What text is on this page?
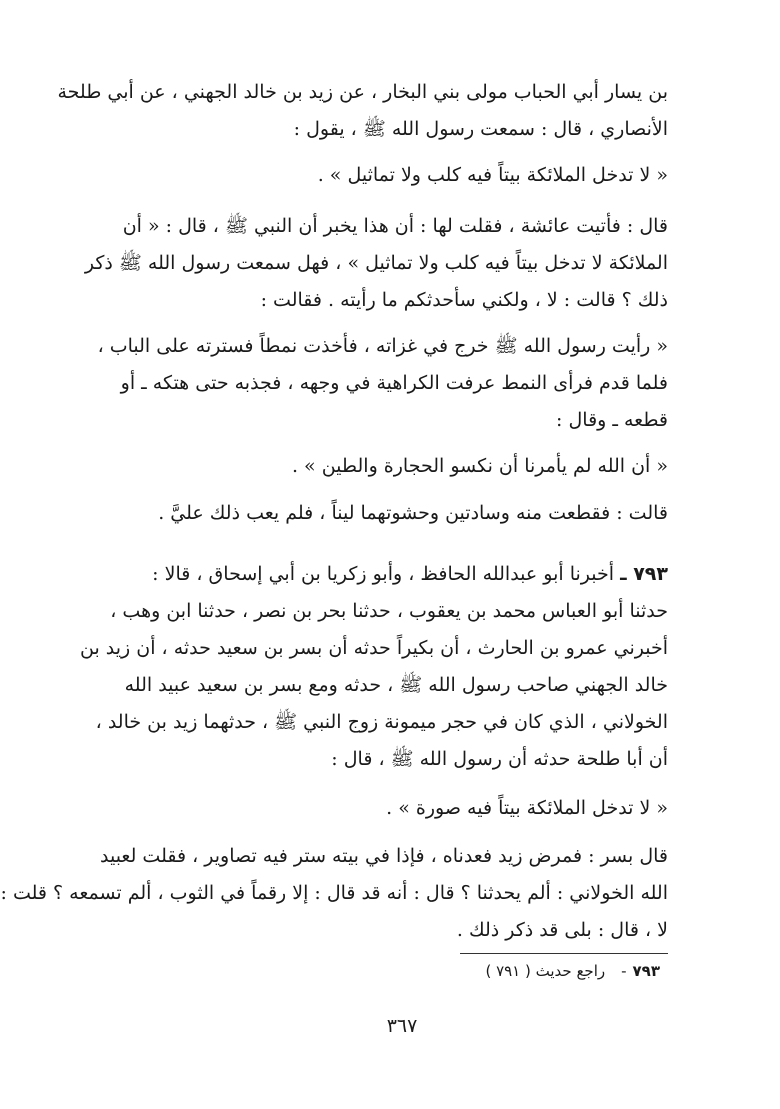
بن يسار أبي الحباب مولى بني البخار ، عن زيد بن خالد الجهني ، عن أبي طلحة

الأنصاري ، قال : سمعت رسول الله ﷺ ، يقول :

« لا تدخل الملائكة بيتاً فيه كلب ولا تماثيل » .

قال : فأتيت عائشة ، فقلت لها : أن هذا يخبر أن النبي ﷺ ، قال : « أن

الملائكة لا تدخل بيتاً فيه كلب ولا تماثيل » ، فهل سمعت رسول الله ﷺ ذكر

ذلك ؟ قالت : لا ، ولكني سأحدثكم ما رأيته . فقالت :

« رأيت رسول الله ﷺ خرج في غزاته ، فأخذت نمطاً فسترته على الباب ،

فلما قدم فرأى النمط عرفت الكراهية في وجهه ، فجذبه حتى هتكه ـ أو

قطعه ـ وقال :

« أن الله لم يأمرنا أن نكسو الحجارة والطين » .

قالت : فقطعت منه وسادتين وحشوتهما ليناً ، فلم يعب ذلك عليَّ .

٧٩٣ ـ أخبرنا أبو عبدالله الحافظ ، وأبو زكريا بن أبي إسحاق ، قالا :

حدثنا أبو العباس محمد بن يعقوب ، حدثنا بحر بن نصر ، حدثنا ابن وهب ،

أخبرني عمرو بن الحارث ، أن بكيراً حدثه أن بسر بن سعيد حدثه ، أن زيد بن

خالد الجهني صاحب رسول الله ﷺ ، حدثه ومع بسر بن سعيد عبيد الله

الخولاني ، الذي كان في حجر ميمونة زوج النبي ﷺ ، حدثهما زيد بن خالد ،

أن أبا طلحة حدثه أن رسول الله ﷺ ، قال :

« لا تدخل الملائكة بيتاً فيه صورة » .

قال بسر : فمرض زيد فعدناه ، فإذا في بيته ستر فيه تصاوير ، فقلت لعبيد

الله الخولاني : ألم يحدثنا ؟ قال : أنه قد قال : إلا رقماً في الثوب ، ألم تسمعه ؟ قلت :

لا ، قال : بلى قد ذكر ذلك .

٧٩٣-راجع حديث ( ٧٩١ )
٣٦٧
